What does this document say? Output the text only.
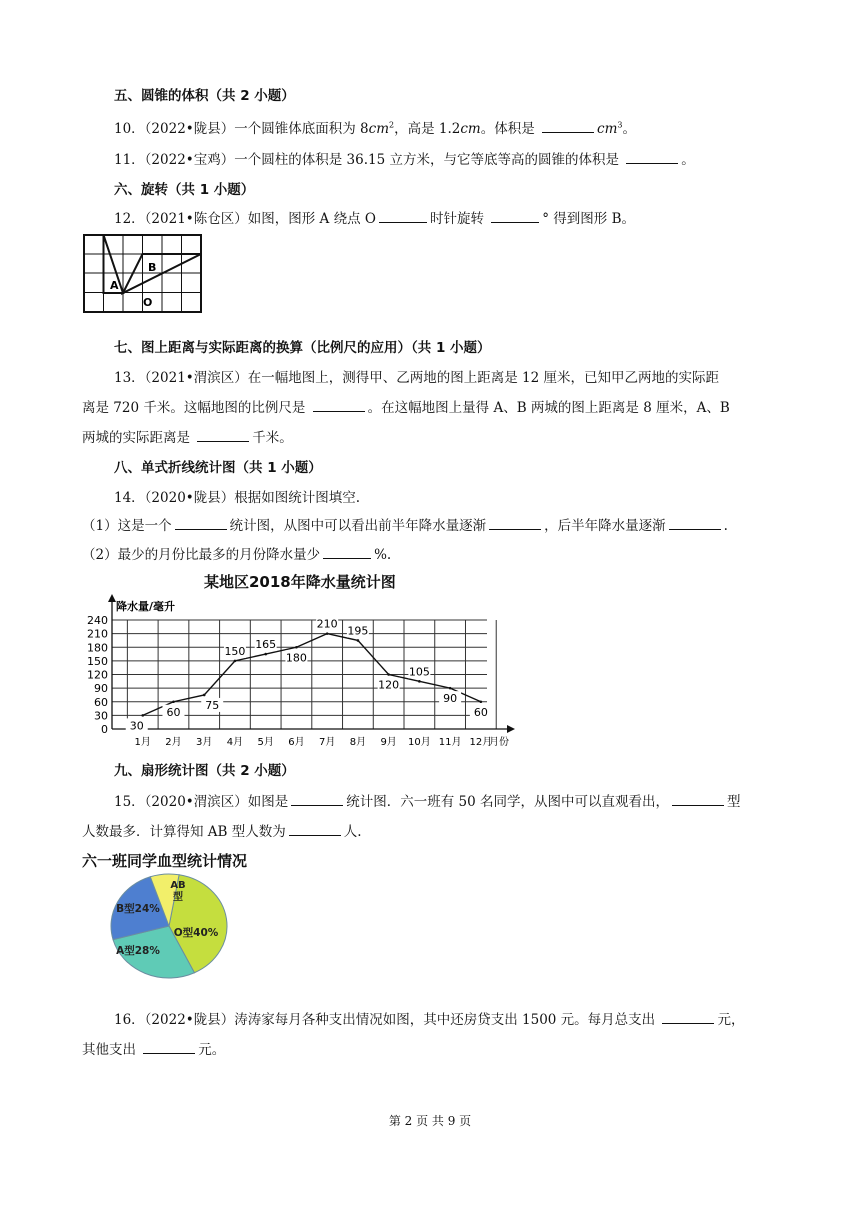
五、圆锥的体积（共 2 小题）
10．（2022•陇县）一个圆锥体底面积为 $8cm^2$，高是 1.2cm。体积是	$cm^3$。
11．（2022•宝鸡）一个圆柱的体积是 36.15 立方米，与它等底等高的圆锥的体积是	。
六、旋转（共 1 小题）
12．（2021•陈仓区）如图，图形 A 绕点 O	时针旋转	° 得到图形 B。
A
B
O
七、图上距离与实际距离的换算（比例尺的应用）（共 1 小题）
13．（2021•渭滨区）在一幅地图上，测得甲、乙两地的图上距离是 12 厘米，已知甲乙两地的实际距
离是 720 千米。这幅地图的比例尺是	。在这幅地图上量得 A、B 两城的图上距离是 8 厘米，A、B
两城的实际距离是	千米。
八、单式折线统计图（共 1 小题）
14．（2020•陇县）根据如图统计图填空.
（1）这是一个	统计图，从图中可以看出前半年降水量逐渐	，后半年降水量逐渐	.
（2）最少的月份比最多的月份降水量少	%.
某地区2018年降水量统计图
0
30
60
90
120
150
180
210
240
降水量/毫升
月份
1月 2月 3月 4月 5月 6月 7月 8月 9月 10月 11月 12月
30
60
75
150
165
180
210
195
120
105
90
60
九、扇形统计图（共 2 小题）
15．（2020•渭滨区）如图是	统计图．六一班有 50 名同学，从图中可以直观看出，	型
人数最多．计算得知 AB 型人数为	人.
六一班同学血型统计情况
O型40%
A型28%
B型24%
AB
型
16．（2022•陇县）涛涛家每月各种支出情况如图，其中还房贷支出 1500 元。每月总支出	元，
其他支出	元。
第 2 页 共 9 页
